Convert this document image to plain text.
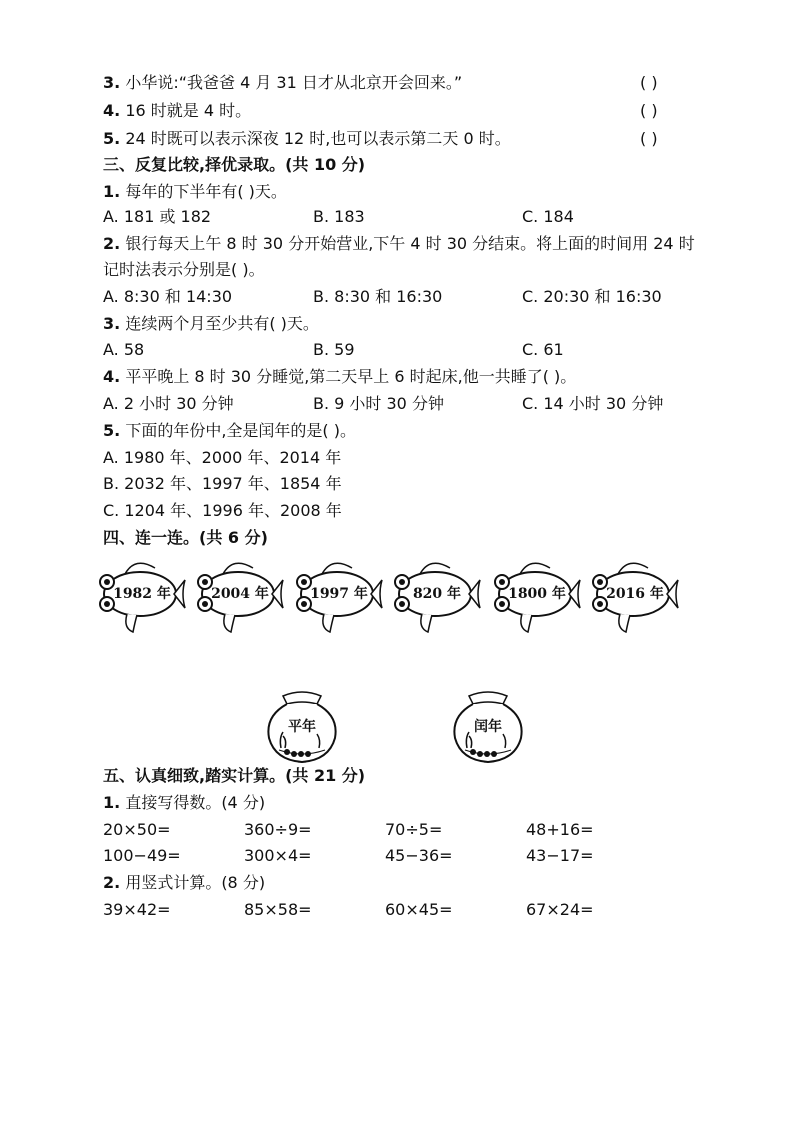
3. 小华说:“我爸爸 4 月 31 日才从北京开会回来。”	( )
4. 16 时就是 4 时。	( )
5. 24 时既可以表示深夜 12 时,也可以表示第二天 0 时。	( )
三、反复比较,择优录取。(共 10 分)
1. 每年的下半年有( )天。
A. 181 或 182	B. 183	C. 184
2. 银行每天上午 8 时 30 分开始营业,下午 4 时 30 分结束。将上面的时间用 24 时
记时法表示分别是( )。
A. 8:30 和 14:30	B. 8:30 和 16:30	C. 20:30 和 16:30
3. 连续两个月至少共有( )天。
A. 58	B. 59	C. 61
4. 平平晚上 8 时 30 分睡觉,第二天早上 6 时起床,他一共睡了( )。
A. 2 小时 30 分钟	B. 9 小时 30 分钟	C. 14 小时 30 分钟
5. 下面的年份中,全是闰年的是( )。
A. 1980 年、2000 年、2014 年
B. 2032 年、1997 年、1854 年
C. 1204 年、1996 年、2008 年
四、连一连。(共 6 分)
1982 年	2004 年	1997 年	820 年	1800 年	2016 年
平年	闰年
五、认真细致,踏实计算。(共 21 分)
1. 直接写得数。(4 分)
20×50=	360÷9=	70÷5=	48+16=
100−49=	300×4=	45−36=	43−17=
2. 用竖式计算。(8 分)
39×42=	85×58=	60×45=	67×24=
